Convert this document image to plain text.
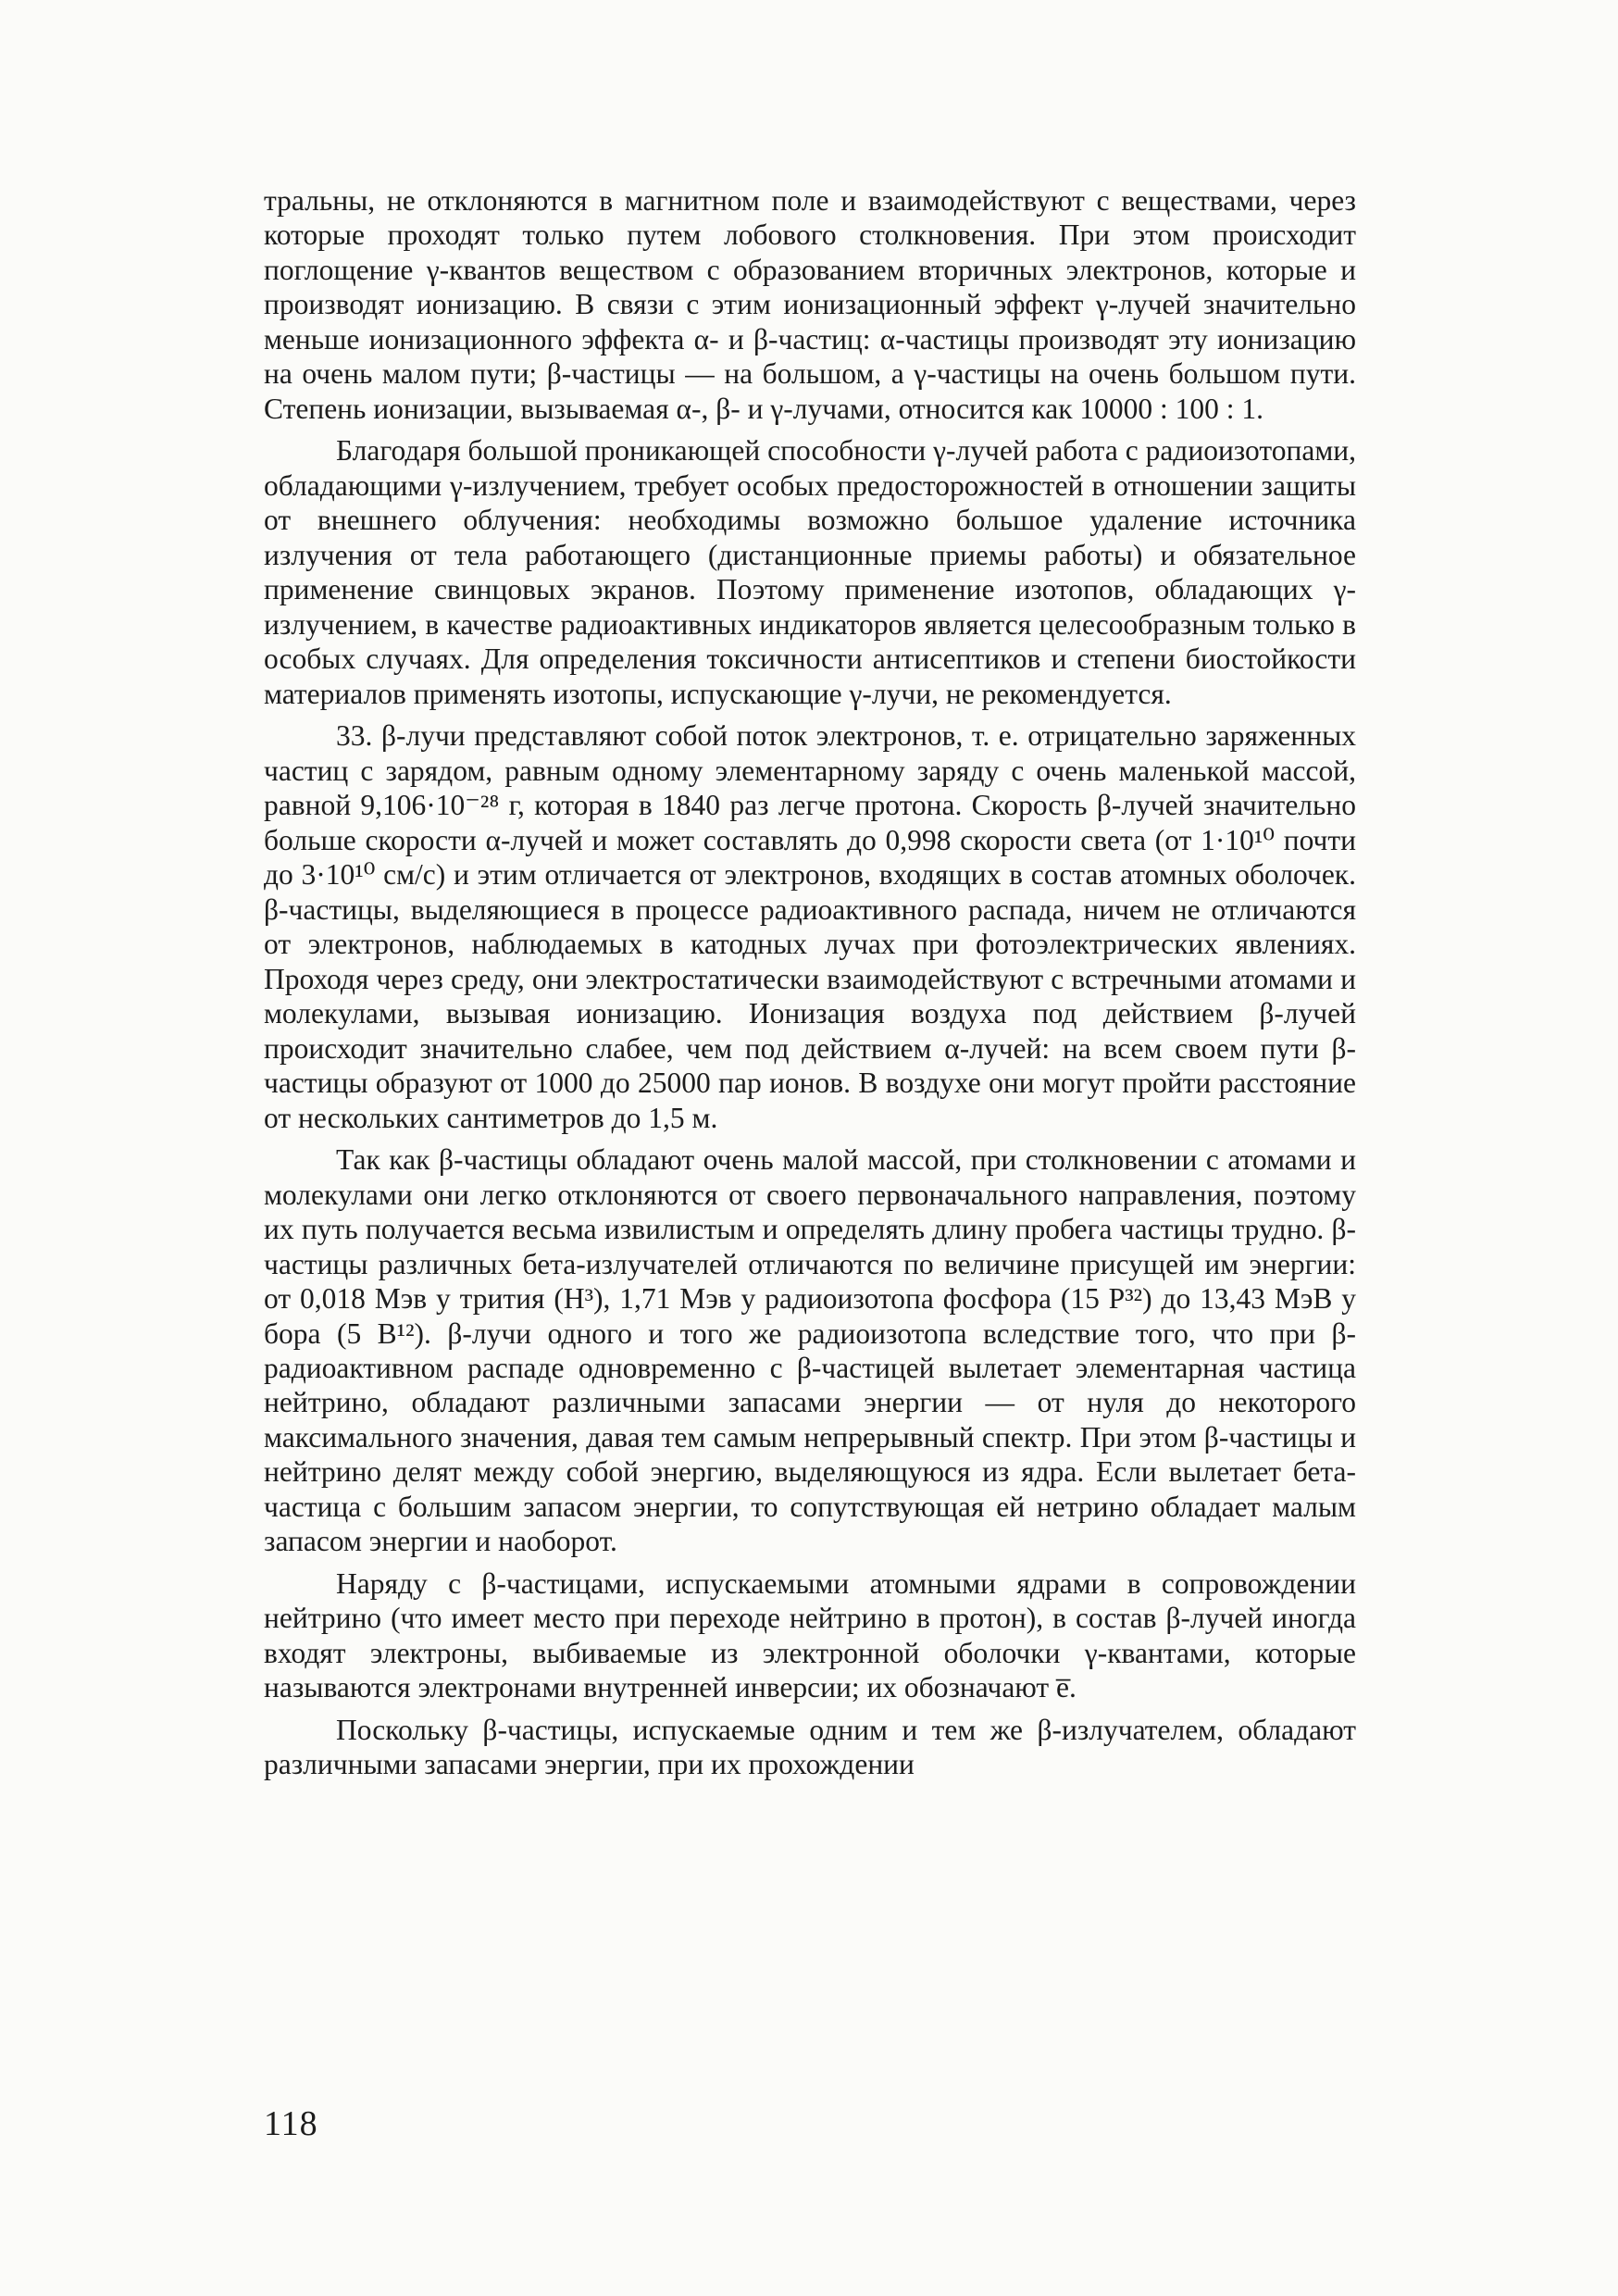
тральны, не отклоняются в магнитном поле и взаимодействуют с веществами, через которые проходят только путем лобового столкновения. При этом происходит поглощение γ-квантов веществом с образованием вторичных электронов, которые и производят ионизацию. В связи с этим ионизационный эффект γ-лучей значительно меньше ионизационного эффекта α- и β-частиц: α-частицы производят эту ионизацию на очень малом пути; β-частицы — на большом, а γ-частицы на очень большом пути. Степень ионизации, вызываемая α-, β- и γ-лучами, относится как 10000 : 100 : 1.

Благодаря большой проникающей способности γ-лучей работа с радиоизотопами, обладающими γ-излучением, требует особых предосторожностей в отношении защиты от внешнего облучения: необходимы возможно большое удаление источника излучения от тела работающего (дистанционные приемы работы) и обязательное применение свинцовых экранов. Поэтому применение изотопов, обладающих γ-излучением, в качестве радиоактивных индикаторов является целесообразным только в особых случаях. Для определения токсичности антисептиков и степени биостойкости материалов применять изотопы, испускающие γ-лучи, не рекомендуется.

33. β-лучи представляют собой поток электронов, т. е. отрицательно заряженных частиц с зарядом, равным одному элементарному заряду с очень маленькой массой, равной 9,106·10⁻²⁸ г, которая в 1840 раз легче протона. Скорость β-лучей значительно больше скорости α-лучей и может составлять до 0,998 скорости света (от 1·10¹⁰ почти до 3·10¹⁰ см/с) и этим отличается от электронов, входящих в состав атомных оболочек. β-частицы, выделяющиеся в процессе радиоактивного распада, ничем не отличаются от электронов, наблюдаемых в катодных лучах при фотоэлектрических явлениях. Проходя через среду, они электростатически взаимодействуют с встречными атомами и молекулами, вызывая ионизацию. Ионизация воздуха под действием β-лучей происходит значительно слабее, чем под действием α-лучей: на всем своем пути β-частицы образуют от 1000 до 25000 пар ионов. В воздухе они могут пройти расстояние от нескольких сантиметров до 1,5 м.

Так как β-частицы обладают очень малой массой, при столкновении с атомами и молекулами они легко отклоняются от своего первоначального направления, поэтому их путь получается весьма извилистым и определять длину пробега частицы трудно. β-частицы различных бета-излучателей отличаются по величине присущей им энергии: от 0,018 Мэв у трития (H³), 1,71 Мэв у радиоизотопа фосфора (15 P³²) до 13,43 МэВ у бора (5 B¹²). β-лучи одного и того же радиоизотопа вследствие того, что при β-радиоактивном распаде одновременно с β-частицей вылетает элементарная частица нейтрино, обладают различными запасами энергии — от нуля до некоторого максимального значения, давая тем самым непрерывный спектр. При этом β-частицы и нейтрино делят между собой энергию, выделяющуюся из ядра. Если вылетает бета-частица с большим запасом энергии, то сопутствующая ей нетрино обладает малым запасом энергии и наоборот.

Наряду с β-частицами, испускаемыми атомными ядрами в сопровождении нейтрино (что имеет место при переходе нейтрино в протон), в состав β-лучей иногда входят электроны, выбиваемые из электронной оболочки γ-квантами, которые называются электронами внутренней инверсии; их обозначают e̅.

Поскольку β-частицы, испускаемые одним и тем же β-излучателем, обладают различными запасами энергии, при их прохождении

118
